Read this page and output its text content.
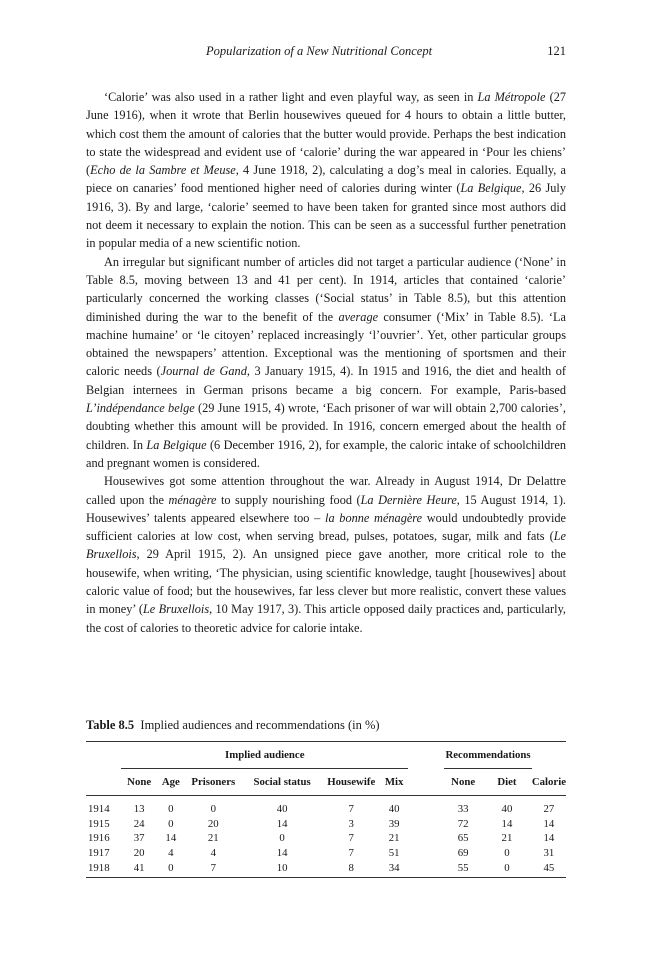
Popularization of a New Nutritional Concept	121

‘Calorie’ was also used in a rather light and even playful way, as seen in La Métropole (27 June 1916), when it wrote that Berlin housewives queued for 4 hours to obtain a little butter, which cost them the amount of calories that the butter would provide. Perhaps the best indication to state the widespread and evident use of ‘calorie’ during the war appeared in ‘Pour les chiens’ (Echo de la Sambre et Meuse, 4 June 1918, 2), calculating a dog’s meal in calories. Equally, a piece on canaries’ food mentioned higher need of calories during winter (La Belgique, 26 July 1916, 3). By and large, ‘calorie’ seemed to have been taken for granted since most authors did not deem it necessary to explain the notion. This can be seen as a successful further penetration in popular media of a new scientific notion.

An irregular but significant number of articles did not target a particular audience (‘None’ in Table 8.5, moving between 13 and 41 per cent). In 1914, articles that contained ‘calorie’ particularly concerned the working classes (‘Social status’ in Table 8.5), but this attention diminished during the war to the benefit of the average consumer (‘Mix’ in Table 8.5). ‘La machine humaine’ or ‘le citoyen’ replaced increasingly ‘l’ouvrier’. Yet, other particular groups obtained the newspapers’ attention. Exceptional was the mentioning of sportsmen and their caloric needs (Journal de Gand, 3 January 1915, 4). In 1915 and 1916, the diet and health of Belgian internees in German prisons became a big concern. For example, Paris-based L’indépendance belge (29 June 1915, 4) wrote, ‘Each prisoner of war will obtain 2,700 calories’, doubting whether this amount will be provided. In 1916, concern emerged about the health of children. In La Belgique (6 December 1916, 2), for example, the caloric intake of schoolchildren and pregnant women is considered.

Housewives got some attention throughout the war. Already in August 1914, Dr Delattre called upon the ménagère to supply nourishing food (La Dernière Heure, 15 August 1914, 1). Housewives’ talents appeared elsewhere too – la bonne ménagère would undoubtedly provide sufficient calories at low cost, when serving bread, pulses, potatoes, sugar, milk and fats (Le Bruxellois, 29 April 1915, 2). An unsigned piece gave another, more critical role to the housewife, when writing, ‘The physician, using scientific knowledge, taught [housewives] about caloric value of food; but the housewives, far less clever but more realistic, convert these values in money’ (Le Bruxellois, 10 May 1917, 3). This article opposed daily practices and, particularly, the cost of calories to theoretic advice for calorie intake.

Table 8.5  Implied audiences and recommendations (in %)
	Implied audience							Recommendations		
	None	Age	Prisoners	Social status	Housewife	Mix		None	Diet	Calorie
1914	13	0	0	40	7	40		33	40	27
1915	24	0	20	14	3	39		72	14	14
1916	37	14	21	0	7	21		65	21	14
1917	20	4	4	14	7	51		69	0	31
1918	41	0	7	10	8	34		55	0	45
